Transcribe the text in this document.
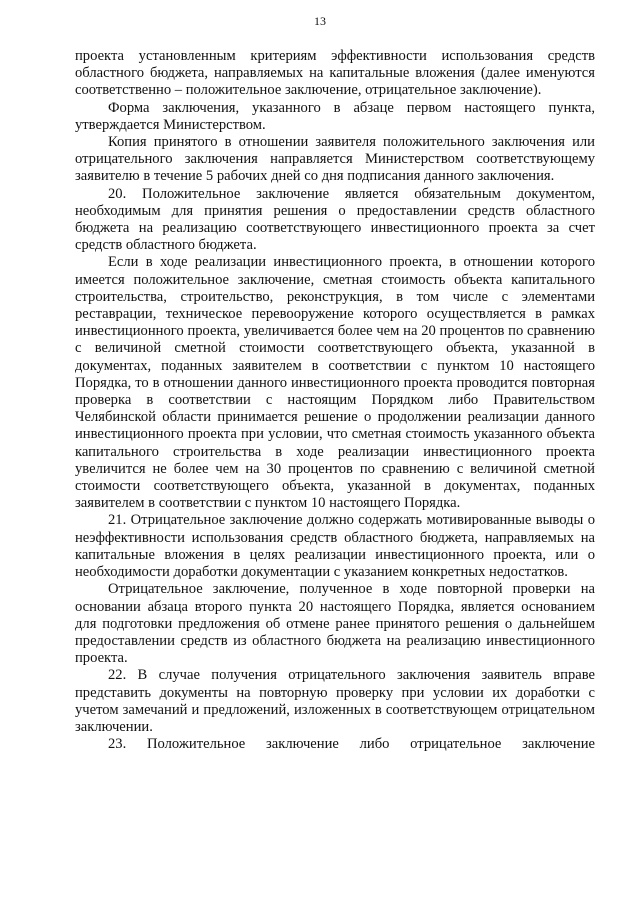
13

проекта установленным критериям эффективности использования средств областного бюджета, направляемых на капитальные вложения (далее именуются соответственно – положительное заключение, отрицательное заключение).

Форма заключения, указанного в абзаце первом настоящего пункта, утверждается Министерством.

Копия принятого в отношении заявителя положительного заключения или отрицательного заключения направляется Министерством соответствующему заявителю в течение 5 рабочих дней со дня подписания данного заключения.

20. Положительное заключение является обязательным документом, необходимым для принятия решения о предоставлении средств областного бюджета на реализацию соответствующего инвестиционного проекта за счет средств областного бюджета.

Если в ходе реализации инвестиционного проекта, в отношении которого имеется положительное заключение, сметная стоимость объекта капитального строительства, строительство, реконструкция, в том числе с элементами реставрации, техническое перевооружение которого осуществляется в рамках инвестиционного проекта, увеличивается более чем на 20 процентов по сравнению с величиной сметной стоимости соответствующего объекта, указанной в документах, поданных заявителем в соответствии с пунктом 10 настоящего Порядка, то в отношении данного инвестиционного проекта проводится повторная проверка в соответствии с настоящим Порядком либо Правительством Челябинской области принимается решение о продолжении реализации данного инвестиционного проекта при условии, что сметная стоимость указанного объекта капитального строительства в ходе реализации инвестиционного проекта увеличится не более чем на 30 процентов по сравнению с величиной сметной стоимости соответствующего объекта, указанной в документах, поданных заявителем в соответствии с пунктом 10 настоящего Порядка.

21. Отрицательное заключение должно содержать мотивированные выводы о неэффективности использования средств областного бюджета, направляемых на капитальные вложения в целях реализации инвестиционного проекта, или о необходимости доработки документации с указанием конкретных недостатков.

Отрицательное заключение, полученное в ходе повторной проверки на основании абзаца второго пункта 20 настоящего Порядка, является основанием для подготовки предложения об отмене ранее принятого решения о дальнейшем предоставлении средств из областного бюджета на реализацию инвестиционного проекта.

22. В случае получения отрицательного заключения заявитель вправе представить документы на повторную проверку при условии их доработки с учетом замечаний и предложений, изложенных в соответствующем отрицательном заключении.

23. Положительное заключение либо отрицательное заключение
